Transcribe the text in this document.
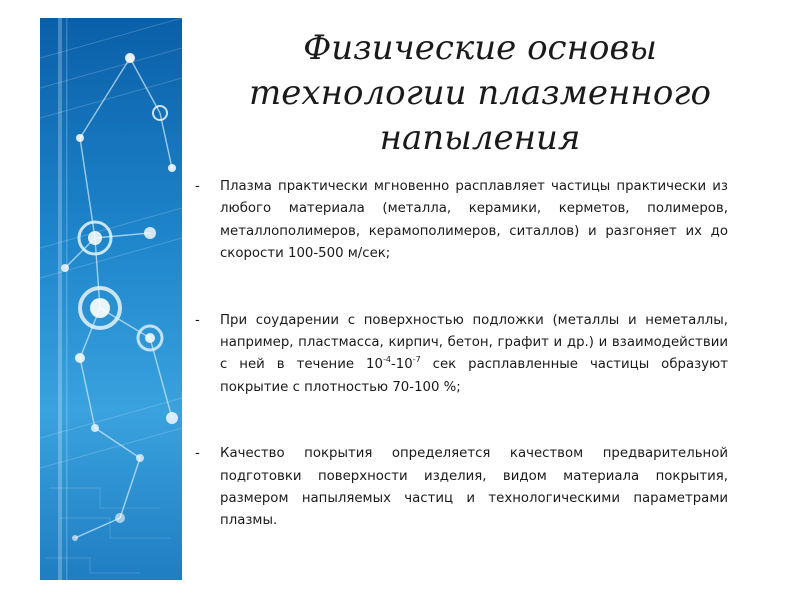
Физические основы
технологии плазменного
напыления
- Плазма практически мгновенно расплавляет частицы практически из любого материала (металла, керамики, керметов, полимеров, металлополимеров, керамополимеров, ситаллов) и разгоняет их до скорости 100-500 м/сек;
- При соударении с поверхностью подложки (металлы и неметаллы, например, пластмасса, кирпич, бетон, графит и др.) и взаимодействии с ней в течение $10^{-4}-10^{-7}$ сек расплавленные частицы образуют покрытие с плотностью 70-100 %;
- Качество покрытия определяется качеством предварительной подготовки поверхности изделия, видом материала покрытия, размером напыляемых частиц и технологическими параметрами плазмы.
